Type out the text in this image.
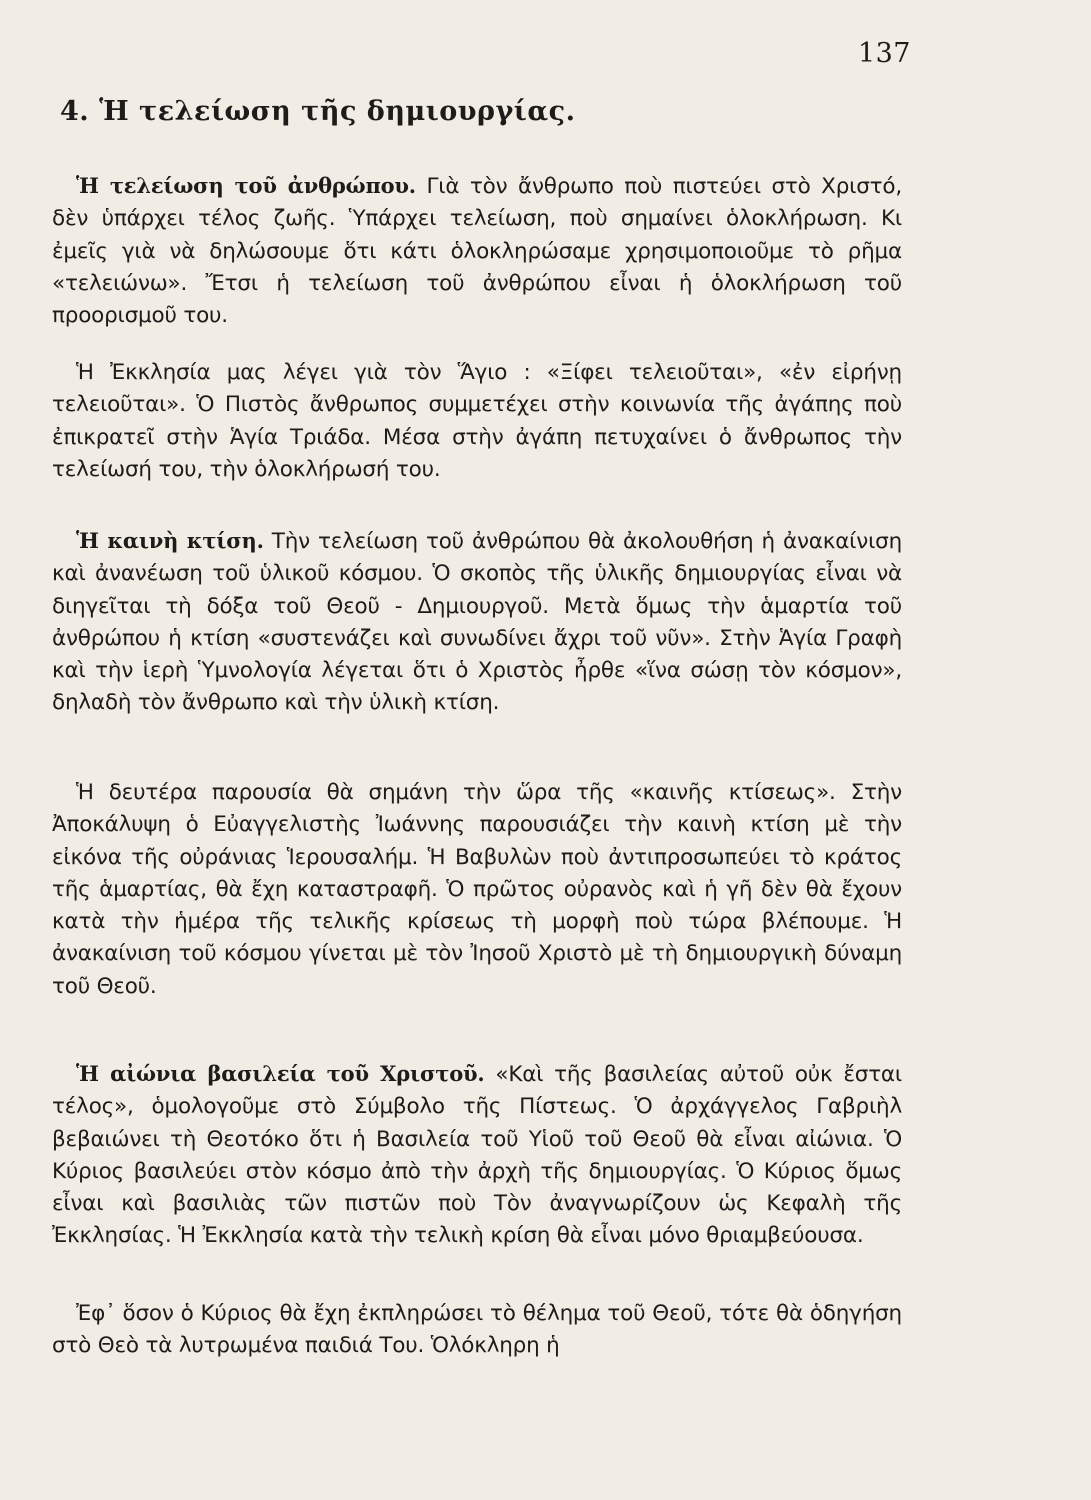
137
4. Ἡ τελείωση τῆς δημιουργίας.

Ἡ τελείωση τοῦ ἀνθρώπου. Γιὰ τὸν ἄνθρωπο ποὺ πιστεύει στὸ Χριστό, δὲν ὑπάρχει τέλος ζωῆς. Ὑπάρχει τελείωση, ποὺ σημαίνει ὁλοκλήρωση. Κι ἐμεῖς γιὰ νὰ δηλώσουμε ὅτι κάτι ὁλοκληρώσαμε χρησιμοποιοῦμε τὸ ρῆμα «τελειώνω». Ἔτσι ἡ τελείωση τοῦ ἀνθρώπου εἶναι ἡ ὁλοκλήρωση τοῦ προορισμοῦ του.

Ἡ Ἐκκλησία μας λέγει γιὰ τὸν Ἅγιο : «Ξίφει τελειοῦται», «ἐν εἰρήνῃ τελειοῦται». Ὁ Πιστὸς ἄνθρωπος συμμετέχει στὴν κοινωνία τῆς ἀγάπης ποὺ ἐπικρατεῖ στὴν Ἁγία Τριάδα. Μέσα στὴν ἀγάπη πετυχαίνει ὁ ἄνθρωπος τὴν τελείωσή του, τὴν ὁλοκλήρωσή του.

Ἡ καινὴ κτίση. Τὴν τελείωση τοῦ ἀνθρώπου θὰ ἀκολουθήση ἡ ἀνακαίνιση καὶ ἀνανέωση τοῦ ὑλικοῦ κόσμου. Ὁ σκοπὸς τῆς ὑλικῆς δημιουργίας εἶναι νὰ διηγεῖται τὴ δόξα τοῦ Θεοῦ - Δημιουργοῦ. Μετὰ ὅμως τὴν ἁμαρτία τοῦ ἀνθρώπου ἡ κτίση «συστενάζει καὶ συνωδίνει ἄχρι τοῦ νῦν». Στὴν Ἁγία Γραφὴ καὶ τὴν ἱερὴ Ὑμνολογία λέγεται ὅτι ὁ Χριστὸς ἦρθε «ἵνα σώσῃ τὸν κόσμον», δηλαδὴ τὸν ἄνθρωπο καὶ τὴν ὑλικὴ κτίση.

Ἡ δευτέρα παρουσία θὰ σημάνη τὴν ὥρα τῆς «καινῆς κτίσεως». Στὴν Ἀποκάλυψη ὁ Εὐαγγελιστὴς Ἰωάννης παρουσιάζει τὴν καινὴ κτίση μὲ τὴν εἰκόνα τῆς οὐράνιας Ἱερουσαλήμ. Ἡ Βαβυλὼν ποὺ ἀντιπροσωπεύει τὸ κράτος τῆς ἁμαρτίας, θὰ ἔχη καταστραφῆ. Ὁ πρῶτος οὐρανὸς καὶ ἡ γῆ δὲν θὰ ἔχουν κατὰ τὴν ἡμέρα τῆς τελικῆς κρίσεως τὴ μορφὴ ποὺ τώρα βλέπουμε. Ἡ ἀνακαίνιση τοῦ κόσμου γίνεται μὲ τὸν Ἰησοῦ Χριστὸ μὲ τὴ δημιουργικὴ δύναμη τοῦ Θεοῦ.

Ἡ αἰώνια βασιλεία τοῦ Χριστοῦ. «Καὶ τῆς βασιλείας αὐτοῦ οὐκ ἔσται τέλος», ὁμολογοῦμε στὸ Σύμβολο τῆς Πίστεως. Ὁ ἀρχάγγελος Γαβριὴλ βεβαιώνει τὴ Θεοτόκο ὅτι ἡ Βασιλεία τοῦ Υἱοῦ τοῦ Θεοῦ θὰ εἶναι αἰώνια. Ὁ Κύριος βασιλεύει στὸν κόσμο ἀπὸ τὴν ἀρχὴ τῆς δημιουργίας. Ὁ Κύριος ὅμως εἶναι καὶ βασιλιὰς τῶν πιστῶν ποὺ Τὸν ἀναγνωρίζουν ὡς Κεφαλὴ τῆς Ἐκκλησίας. Ἡ Ἐκκλησία κατὰ τὴν τελικὴ κρίση θὰ εἶναι μόνο θριαμβεύουσα.

Ἐφ᾽ ὅσον ὁ Κύριος θὰ ἔχη ἐκπληρώσει τὸ θέλημα τοῦ Θεοῦ, τότε θὰ ὁδηγήση στὸ Θεὸ τὰ λυτρωμένα παιδιά Του. Ὁλόκληρη ἡ
